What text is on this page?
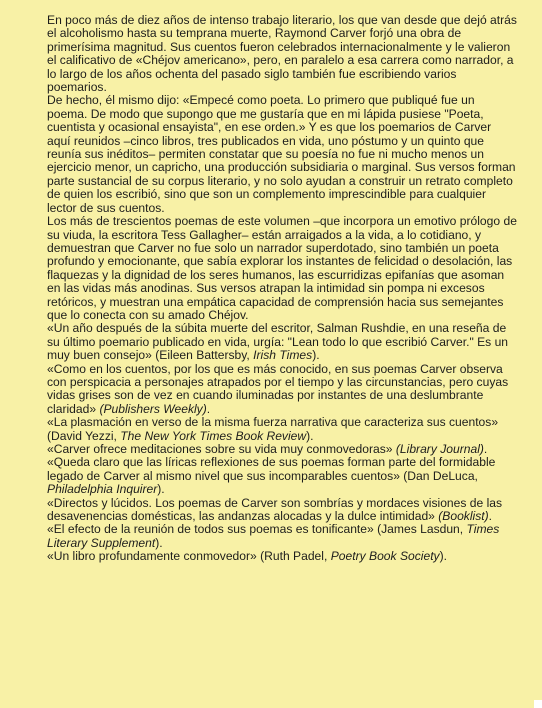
En poco más de diez años de intenso trabajo literario, los que van desde que dejó atrás el alcoholismo hasta su temprana muerte, Raymond Carver forjó una obra de primerísima magnitud. Sus cuentos fueron celebrados internacionalmente y le valieron el calificativo de «Chéjov americano», pero, en paralelo a esa carrera como narrador, a lo largo de los años ochenta del pasado siglo también fue escribiendo varios poemarios.

De hecho, él mismo dijo: «Empecé como poeta. Lo primero que publiqué fue un poema. De modo que supongo que me gustaría que en mi lápida pusiese "Poeta, cuentista y ocasional ensayista", en ese orden.» Y es que los poemarios de Carver aquí reunidos –cinco libros, tres publicados en vida, uno póstumo y un quinto que reunía sus inéditos– permiten constatar que su poesía no fue ni mucho menos un ejercicio menor, un capricho, una producción subsidiaria o marginal. Sus versos forman parte sustancial de su corpus literario, y no solo ayudan a construir un retrato completo de quien los escribió, sino que son un complemento imprescindible para cualquier lector de sus cuentos.

Los más de trescientos poemas de este volumen –que incorpora un emotivo prólogo de su viuda, la escritora Tess Gallagher– están arraigados a la vida, a lo cotidiano, y demuestran que Carver no fue solo un narrador superdotado, sino también un poeta profundo y emocionante, que sabía explorar los instantes de felicidad o desolación, las flaquezas y la dignidad de los seres humanos, las escurridizas epifanías que asoman en las vidas más anodinas. Sus versos atrapan la intimidad sin pompa ni excesos retóricos, y muestran una empática capacidad de comprensión hacia sus semejantes que lo conecta con su amado Chéjov.

«Un año después de la súbita muerte del escritor, Salman Rushdie, en una reseña de su último poemario publicado en vida, urgía: "Lean todo lo que escribió Carver." Es un muy buen consejo» (Eileen Battersby, Irish Times).

«Como en los cuentos, por los que es más conocido, en sus poemas Carver observa con perspicacia a personajes atrapados por el tiempo y las circunstancias, pero cuyas vidas grises son de vez en cuando iluminadas por instantes de una deslumbrante claridad» (Publishers Weekly).

«La plasmación en verso de la misma fuerza narrativa que caracteriza sus cuentos» (David Yezzi, The New York Times Book Review).

«Carver ofrece meditaciones sobre su vida muy conmovedoras» (Library Journal).

«Queda claro que las líricas reflexiones de sus poemas forman parte del formidable legado de Carver al mismo nivel que sus incomparables cuentos» (Dan DeLuca, Philadelphia Inquirer).

«Directos y lúcidos. Los poemas de Carver son sombrías y mordaces visiones de las desavenencias domésticas, las andanzas alocadas y la dulce intimidad» (Booklist).

«El efecto de la reunión de todos sus poemas es tonificante» (James Lasdun, Times Literary Supplement).

«Un libro profundamente conmovedor» (Ruth Padel, Poetry Book Society).
